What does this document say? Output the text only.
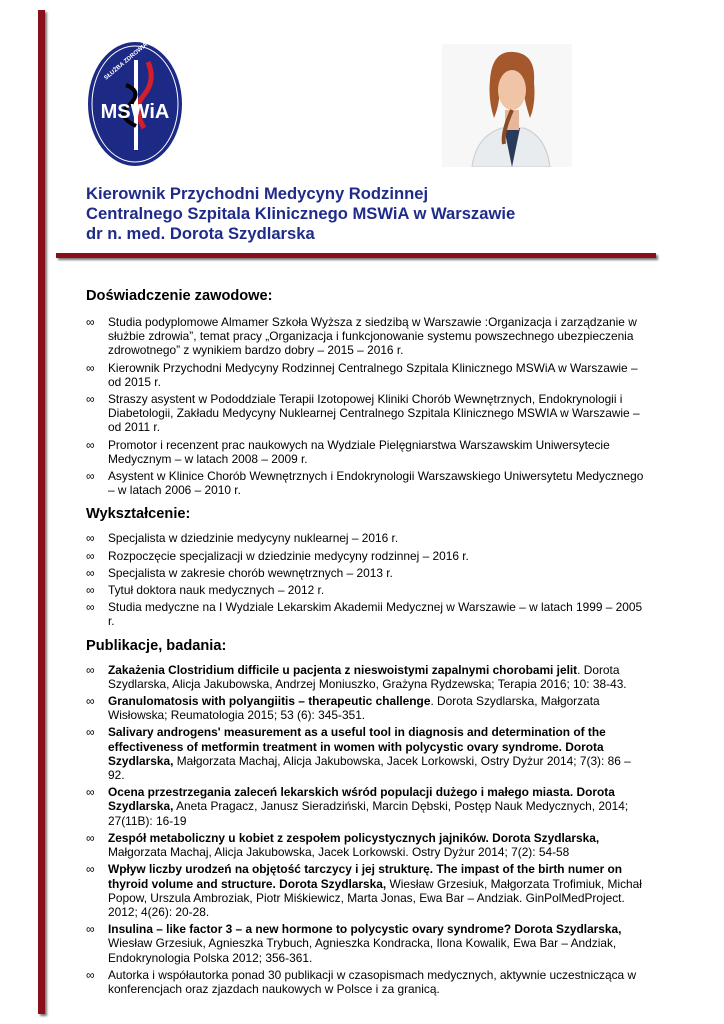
MSWiA
SŁUŻBA ZDROWIA
Kierownik Przychodni Medycyny Rodzinnej
Centralnego Szpitala Klinicznego MSWiA w Warszawie
dr n. med. Dorota Szydlarska
Doświadczenie zawodowe:
∞ Studia podyplomowe Almamer Szkoła Wyższa z siedzibą w Warszawie :Organizacja i zarządzanie w służbie zdrowia”, temat pracy „Organizacja i funkcjonowanie systemu powszechnego ubezpieczenia zdrowotnego” z wynikiem bardzo dobry – 2015 – 2016 r.
∞ Kierownik Przychodni Medycyny Rodzinnej Centralnego Szpitala Klinicznego MSWiA w Warszawie – od 2015 r.
∞ Straszy asystent w Pododdziale Terapii Izotopowej Kliniki Chorób Wewnętrznych, Endokrynologii i Diabetologii, Zakładu Medycyny Nuklearnej Centralnego Szpitala Klinicznego MSWIA w Warszawie – od 2011 r.
∞ Promotor i recenzent prac naukowych na Wydziale Pielęgniarstwa Warszawskim Uniwersytecie Medycznym – w latach 2008 – 2009 r.
∞ Asystent w Klinice Chorób Wewnętrznych i Endokrynologii Warszawskiego Uniwersytetu Medycznego – w latach 2006 – 2010 r.
Wykształcenie:
∞ Specjalista w dziedzinie medycyny nuklearnej – 2016 r.
∞ Rozpoczęcie specjalizacji w dziedzinie medycyny rodzinnej – 2016 r.
∞ Specjalista w zakresie chorób wewnętrznych – 2013 r.
∞ Tytuł doktora nauk medycznych – 2012 r.
∞ Studia medyczne na I Wydziale Lekarskim Akademii Medycznej w Warszawie – w latach 1999 – 2005 r.
Publikacje, badania:
∞ Zakażenia Clostridium difficile u pacjenta z nieswoistymi zapalnymi chorobami jelit. Dorota Szydlarska, Alicja Jakubowska, Andrzej Moniuszko, Grażyna Rydzewska; Terapia 2016; 10: 38-43.
∞ Granulomatosis with polyangiitis – therapeutic challenge. Dorota Szydlarska, Małgorzata Wisłowska; Reumatologia 2015; 53 (6): 345-351.
∞ Salivary androgens' measurement as a useful tool in diagnosis and determination of the effectiveness of metformin treatment in women with polycystic ovary syndrome. Dorota Szydlarska, Małgorzata Machaj, Alicja Jakubowska, Jacek Lorkowski, Ostry Dyżur 2014; 7(3): 86 – 92.
∞ Ocena przestrzegania zaleceń lekarskich wśród populacji dużego i małego miasta. Dorota Szydlarska, Aneta Pragacz, Janusz Sieradziński, Marcin Dębski, Postęp Nauk Medycznych, 2014; 27(11B): 16-19
∞ Zespół metaboliczny u kobiet z zespołem policystycznych jajników. Dorota Szydlarska, Małgorzata Machaj, Alicja Jakubowska, Jacek Lorkowski. Ostry Dyżur 2014; 7(2): 54-58
∞ Wpływ liczby urodzeń na objętość tarczycy i jej strukturę. The impast of the birth numer on thyroid volume and structure. Dorota Szydlarska, Wiesław Grzesiuk, Małgorzata Trofimiuk, Michał Popow, Urszula Ambroziak, Piotr Miśkiewicz, Marta Jonas, Ewa Bar – Andziak. GinPolMedProject. 2012; 4(26): 20-28.
∞ Insulina – like factor 3 – a new hormone to polycystic ovary syndrome? Dorota Szydlarska, Wiesław Grzesiuk, Agnieszka Trybuch, Agnieszka Kondracka, Ilona Kowalik, Ewa Bar – Andziak, Endokrynologia Polska 2012; 356-361.
∞ Autorka i współautorka ponad 30 publikacji w czasopismach medycznych, aktywnie uczestnicząca w konferencjach oraz zjazdach naukowych w Polsce i za granicą.
